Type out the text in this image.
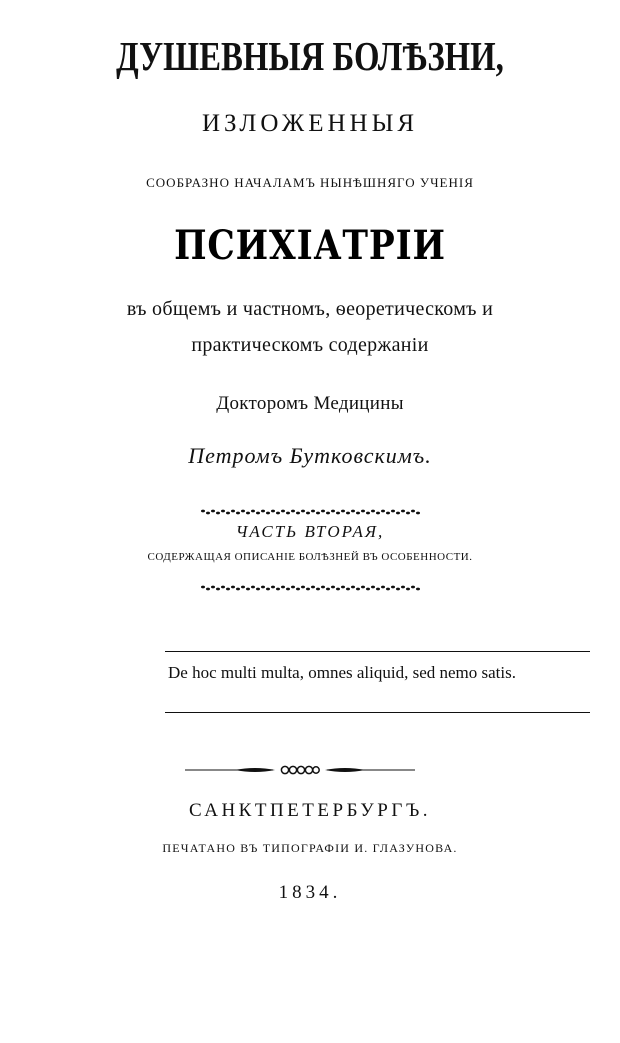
ДУШЕВНЫЯ БОЛѢЗНИ,
ИЗЛОЖЕННЫЯ
СООБРАЗНО НАЧАЛАМЪ НЫНѢШНЯГО УЧЕНІЯ
ПСИХІАТРІИ
въ общемъ и частномъ, ѳеоретическомъ и
практическомъ содержаніи
Докторомъ Медицины
Петромъ Бутковскимъ.
ЧАСТЬ ВТОРАЯ,
СОДЕРЖАЩАЯ ОПИСАНІЕ БОЛѢЗНЕЙ ВЪ ОСОБЕННОСТИ.
De hoc multi multa, omnes aliquid, sed nemo satis.
САНКТПЕТЕРБУРГЪ.
ПЕЧАТАНО ВЪ ТИПОГРАФІИ И. ГЛАЗУНОВА.
1834.
